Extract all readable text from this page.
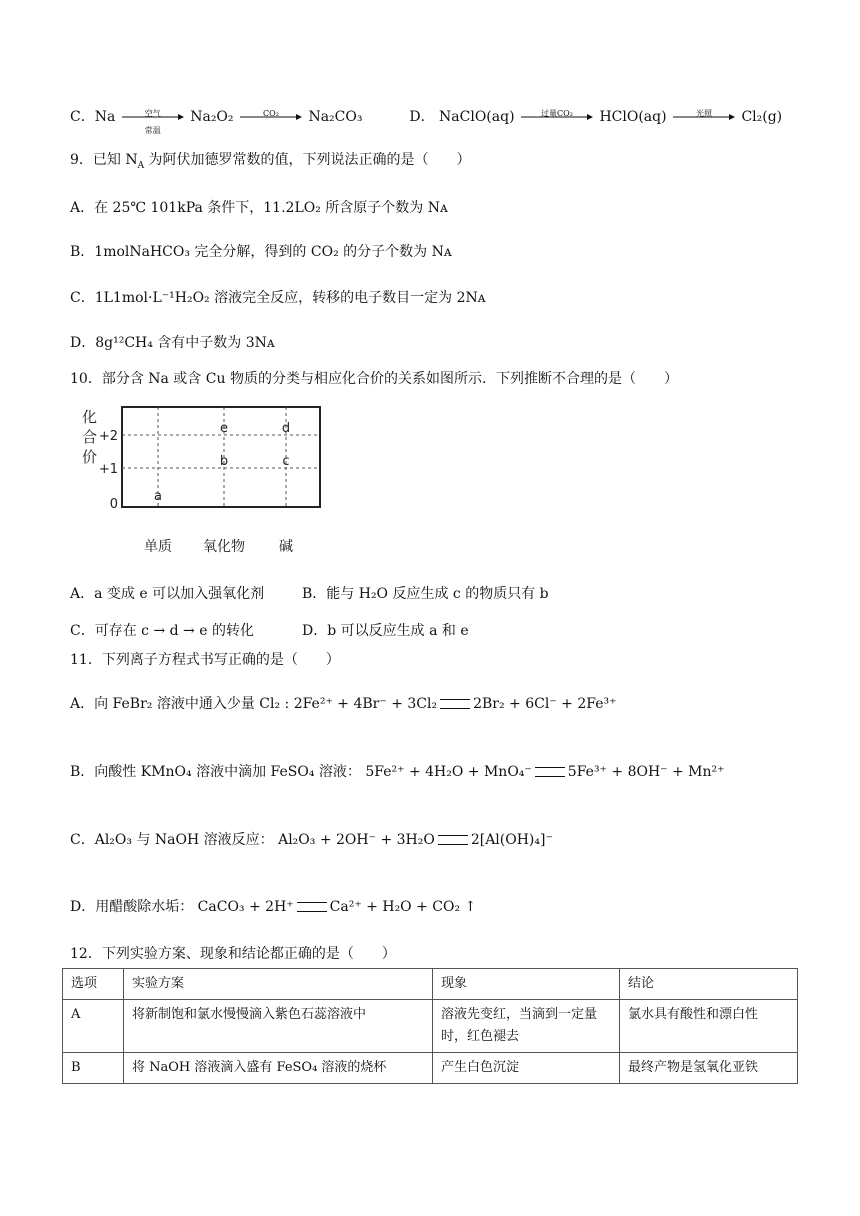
C．Na	空气
常温
Na₂O₂	CO₂	Na₂CO₃	D． NaClO(aq)	过量CO₂	HClO(aq)	光照	Cl₂(g)
9．已知 $N_A$ 为阿伏加德罗常数的值，下列说法正确的是（　　）
A．在 25℃ 101kPa 条件下，11.2LO₂ 所含原子个数为 Nᴀ
B．1molNaHCO₃ 完全分解，得到的 CO₂ 的分子个数为 Nᴀ
C．1L1mol·L⁻¹H₂O₂ 溶液完全反应，转移的电子数目一定为 2Nᴀ
D．8g¹²CH₄ 含有中子数为 3Nᴀ
10．部分含 Na 或含 Cu 物质的分类与相应化合价的关系如图所示．下列推断不合理的是（　　）
化
合
价
+2
+1
0
单质 氧化物 碱
a
b
e
c
d
A．a 变成 e 可以加入强氧化剂	B．能与 H₂O 反应生成 c 的物质只有 b
C．可存在 c → d → e 的转化	D．b 可以反应生成 a 和 e
11．下列离子方程式书写正确的是（　　）
A．向 FeBr₂ 溶液中通入少量 Cl₂ : 2Fe²⁺ + 4Br⁻ + 3Cl₂	2Br₂ + 6Cl⁻ + 2Fe³⁺
B．向酸性 KMnO₄ 溶液中滴加 FeSO₄ 溶液： 5Fe²⁺ + 4H₂O + MnO₄⁻	5Fe³⁺ + 8OH⁻ + Mn²⁺
C．Al₂O₃ 与 NaOH 溶液反应： Al₂O₃ + 2OH⁻ + 3H₂O	2[Al(OH)₄]⁻
D．用醋酸除水垢： CaCO₃ + 2H⁺	Ca²⁺ + H₂O + CO₂ ↑
12．下列实验方案、现象和结论都正确的是（　　）
选项	实验方案	现象	结论
A	将新制饱和氯水慢慢滴入紫色石蕊溶液中	溶液先变红，当滴到一定量时，红色褪去	氯水具有酸性和漂白性
B	将 NaOH 溶液滴入盛有 FeSO₄ 溶液的烧杯	产生白色沉淀	最终产物是氢氧化亚铁
